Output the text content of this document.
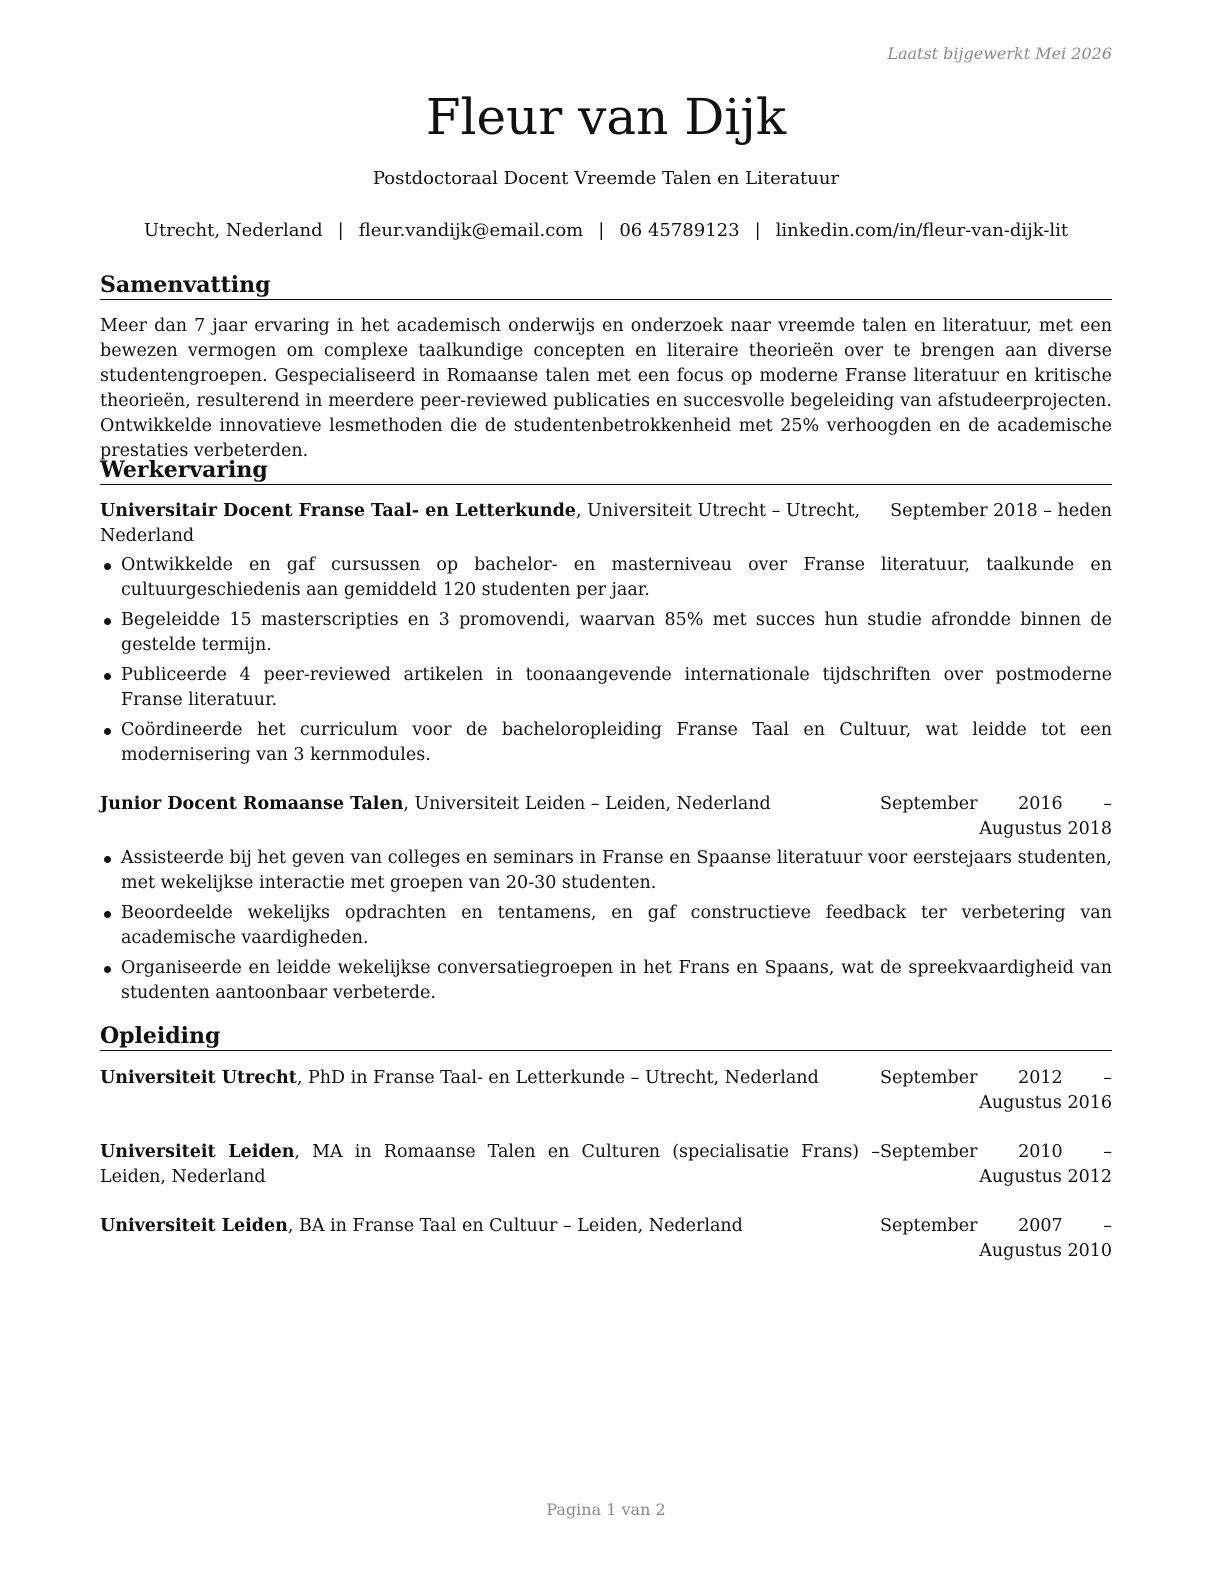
Laatst bijgewerkt Mei 2026
Fleur van Dijk
Postdoctoraal Docent Vreemde Talen en Literatuur
Utrecht, Nederland | fleur.vandijk@email.com | 06 45789123 | linkedin.com/in/fleur-van-dijk-lit
Samenvatting
Meer dan 7 jaar ervaring in het academisch onderwijs en onderzoek naar vreemde talen en literatuur, met een bewezen vermogen om complexe taalkundige concepten en literaire theorieën over te brengen aan diverse studentengroepen. Gespecialiseerd in Romaanse talen met een focus op moderne Franse literatuur en kritische theorieën, resulterend in meerdere peer-reviewed publicaties en succesvolle begeleiding van afstudeerprojecten. Ontwikkelde innovatieve lesmethoden die de studentenbetrokkenheid met 25% verhoogden en de academische prestaties verbeterden.
Werkervaring
Universitair Docent Franse Taal- en Letterkunde, Universiteit Utrecht – Utrecht, Nederland
September 2018 – heden
Ontwikkelde en gaf cursussen op bachelor- en masterniveau over Franse literatuur, taalkunde en cultuurgeschiedenis aan gemiddeld 120 studenten per jaar.
Begeleidde 15 masterscripties en 3 promovendi, waarvan 85% met succes hun studie afrondde binnen de gestelde termijn.
Publiceerde 4 peer-reviewed artikelen in toonaangevende internationale tijdschriften over postmoderne Franse literatuur.
Coördineerde het curriculum voor de bacheloropleiding Franse Taal en Cultuur, wat leidde tot een modernisering van 3 kernmodules.
Junior Docent Romaanse Talen, Universiteit Leiden – Leiden, Nederland	September 2016 – Augustus 2018
Assisteerde bij het geven van colleges en seminars in Franse en Spaanse literatuur voor eerstejaars studenten, met wekelijkse interactie met groepen van 20-30 studenten.
Beoordeelde wekelijks opdrachten en tentamens, en gaf constructieve feedback ter verbetering van academische vaardigheden.
Organiseerde en leidde wekelijkse conversatiegroepen in het Frans en Spaans, wat de spreekvaardigheid van studenten aantoonbaar verbeterde.
Opleiding
Universiteit Utrecht, PhD in Franse Taal- en Letterkunde – Utrecht, Nederland	September 2012 – Augustus 2016
Universiteit Leiden, MA in Romaanse Talen en Culturen (specialisatie Frans) – Leiden, Nederland
September 2010 – Augustus 2012
Universiteit Leiden, BA in Franse Taal en Cultuur – Leiden, Nederland	September 2007 – Augustus 2010
Pagina 1 van 2
